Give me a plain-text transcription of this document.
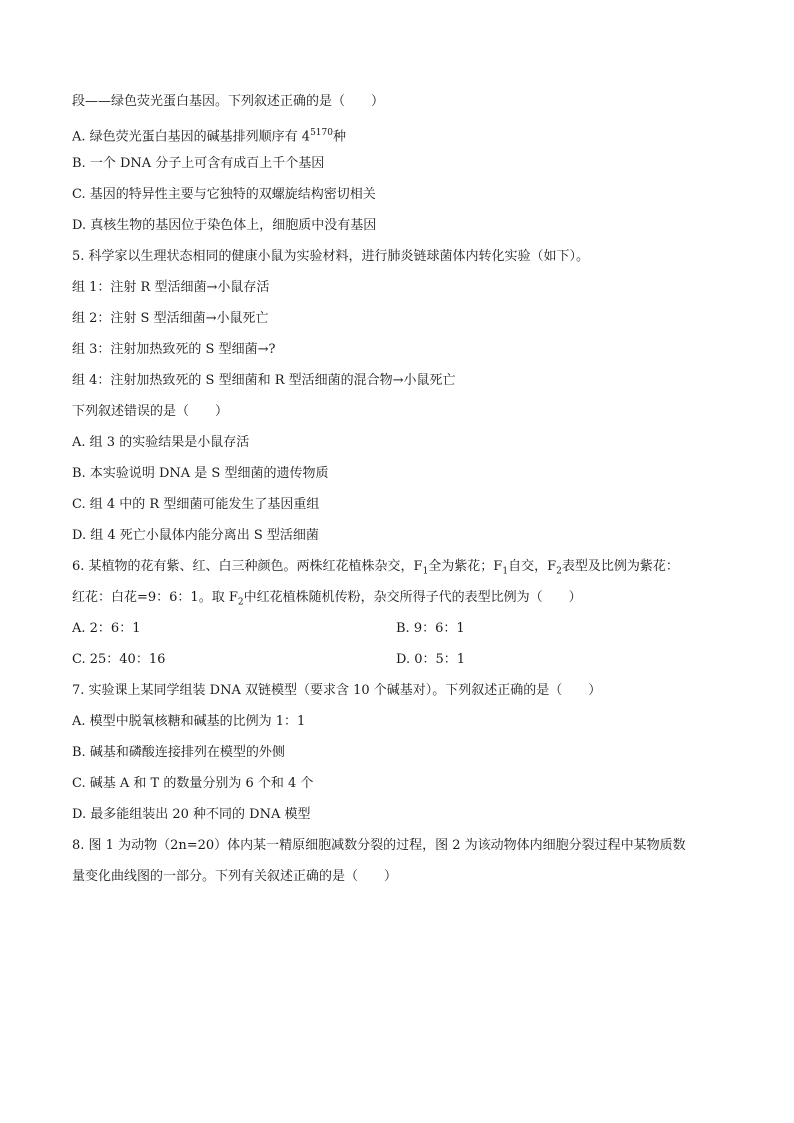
段——绿色荧光蛋白基因。下列叙述正确的是（　　）
A. 绿色荧光蛋白基因的碱基排列顺序有 $4^{5170}$种
B. 一个 DNA 分子上可含有成百上千个基因
C. 基因的特异性主要与它独特的双螺旋结构密切相关
D. 真核生物的基因位于染色体上，细胞质中没有基因
5. 科学家以生理状态相同的健康小鼠为实验材料，进行肺炎链球菌体内转化实验（如下）。
组 1：注射 R 型活细菌→小鼠存活
组 2：注射 S 型活细菌→小鼠死亡
组 3：注射加热致死的 S 型细菌→?
组 4：注射加热致死的 S 型细菌和 R 型活细菌的混合物→小鼠死亡
下列叙述错误的是（　　）
A. 组 3 的实验结果是小鼠存活
B. 本实验说明 DNA 是 S 型细菌的遗传物质
C. 组 4 中的 R 型细菌可能发生了基因重组
D. 组 4 死亡小鼠体内能分离出 S 型活细菌
6. 某植物的花有紫、红、白三种颜色。两株红花植株杂交，$F_1$全为紫花；$F_1$自交，$F_2$表型及比例为紫花：
红花：白花=9：6：1。取 $F_2$中红花植株随机传粉，杂交所得子代的表型比例为（　　）
A. 2：6：1	B. 9：6：1
C. 25：40：16	D. 0：5：1
7. 实验课上某同学组装 DNA 双链模型（要求含 10 个碱基对）。下列叙述正确的是（　　）
A. 模型中脱氧核糖和碱基的比例为 1：1
B. 碱基和磷酸连接排列在模型的外侧
C. 碱基 A 和 T 的数量分别为 6 个和 4 个
D. 最多能组装出 20 种不同的 DNA 模型
8. 图 1 为动物（2n=20）体内某一精原细胞减数分裂的过程，图 2 为该动物体内细胞分裂过程中某物质数
量变化曲线图的一部分。下列有关叙述正确的是（　　）
